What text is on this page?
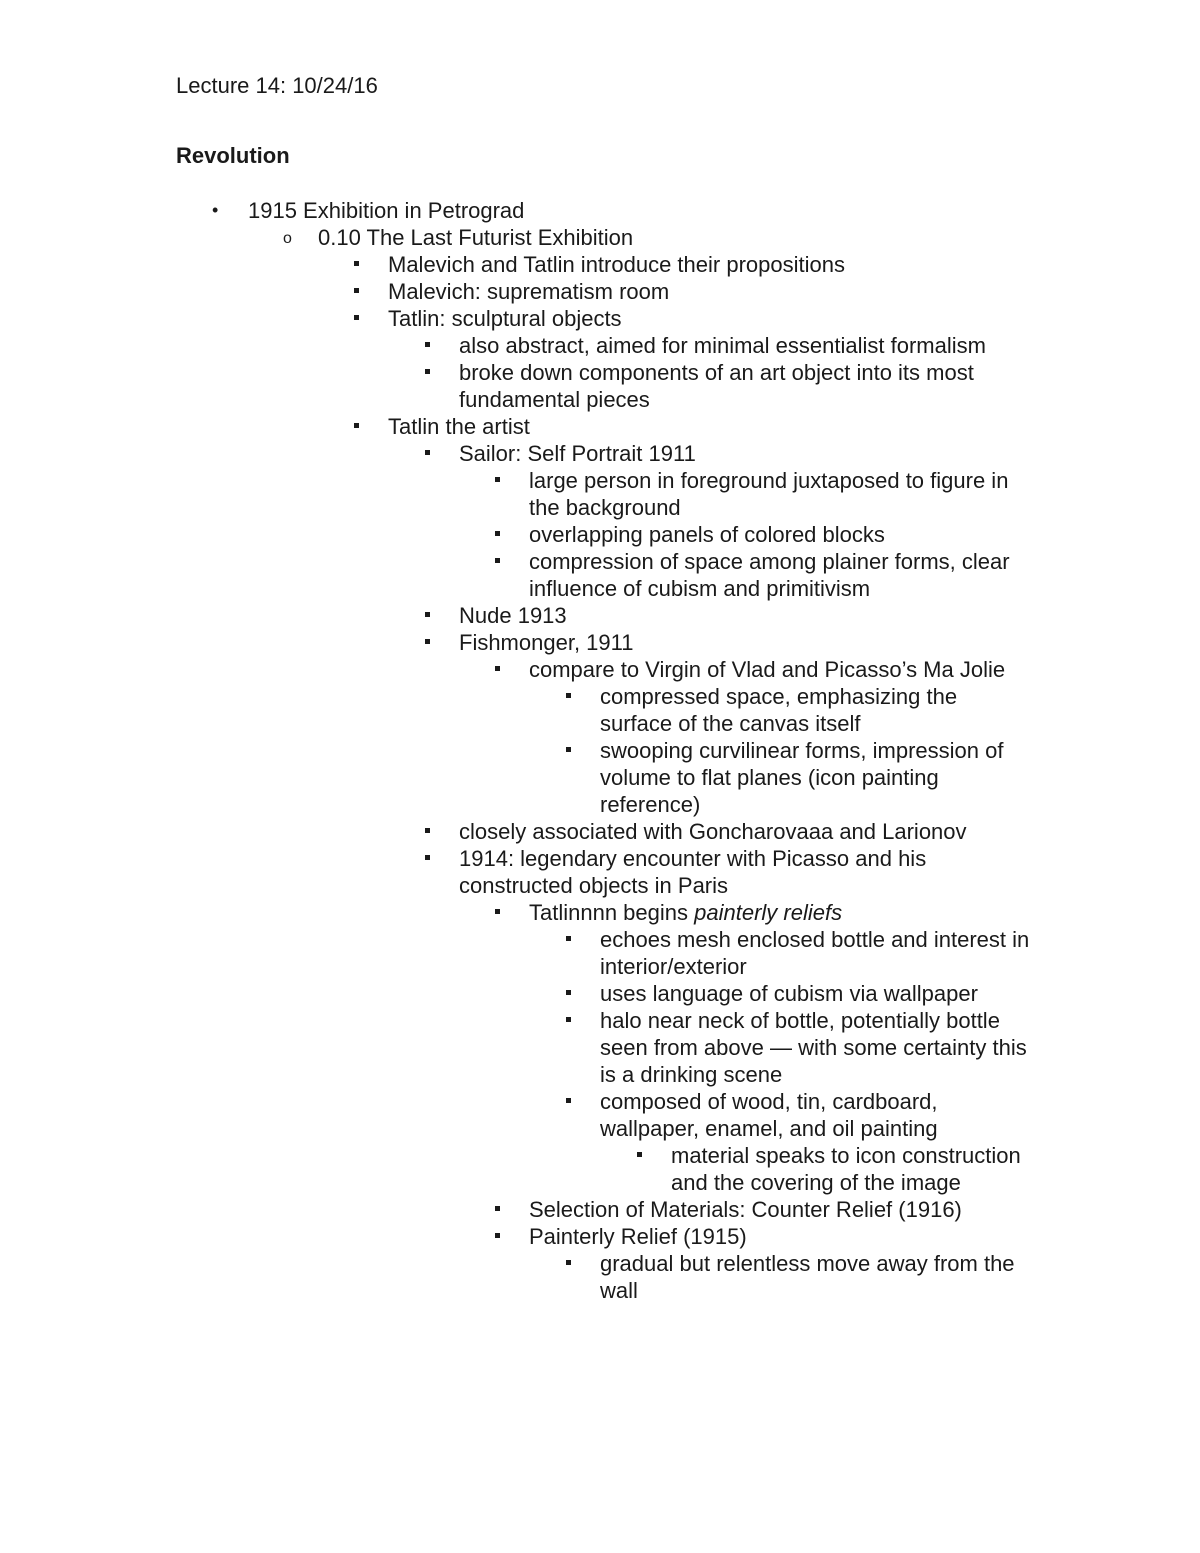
Lecture 14: 10/24/16
Revolution
• 1915 Exhibition in Petrograd
o 0.10 The Last Futurist Exhibition
Malevich and Tatlin introduce their propositions
Malevich: suprematism room
Tatlin: sculptural objects
also abstract, aimed for minimal essentialist formalism
broke down components of an art object into its most fundamental pieces
Tatlin the artist
Sailor: Self Portrait 1911
large person in foreground juxtaposed to figure in the background
overlapping panels of colored blocks
compression of space among plainer forms, clear influence of cubism and primitivism
Nude 1913
Fishmonger, 1911
compare to Virgin of Vlad and Picasso’s Ma Jolie
compressed space, emphasizing the surface of the canvas itself
swooping curvilinear forms, impression of volume to flat planes (icon painting reference)
closely associated with Goncharovaaa and Larionov
1914: legendary encounter with Picasso and his constructed objects in Paris
Tatlinnnn begins painterly reliefs
echoes mesh enclosed bottle and interest in interior/exterior
uses language of cubism via wallpaper
halo near neck of bottle, potentially bottle seen from above — with some certainty this is a drinking scene
composed of wood, tin, cardboard, wallpaper, enamel, and oil painting
material speaks to icon construction and the covering of the image
Selection of Materials: Counter Relief (1916)
Painterly Relief (1915)
gradual but relentless move away from the wall
